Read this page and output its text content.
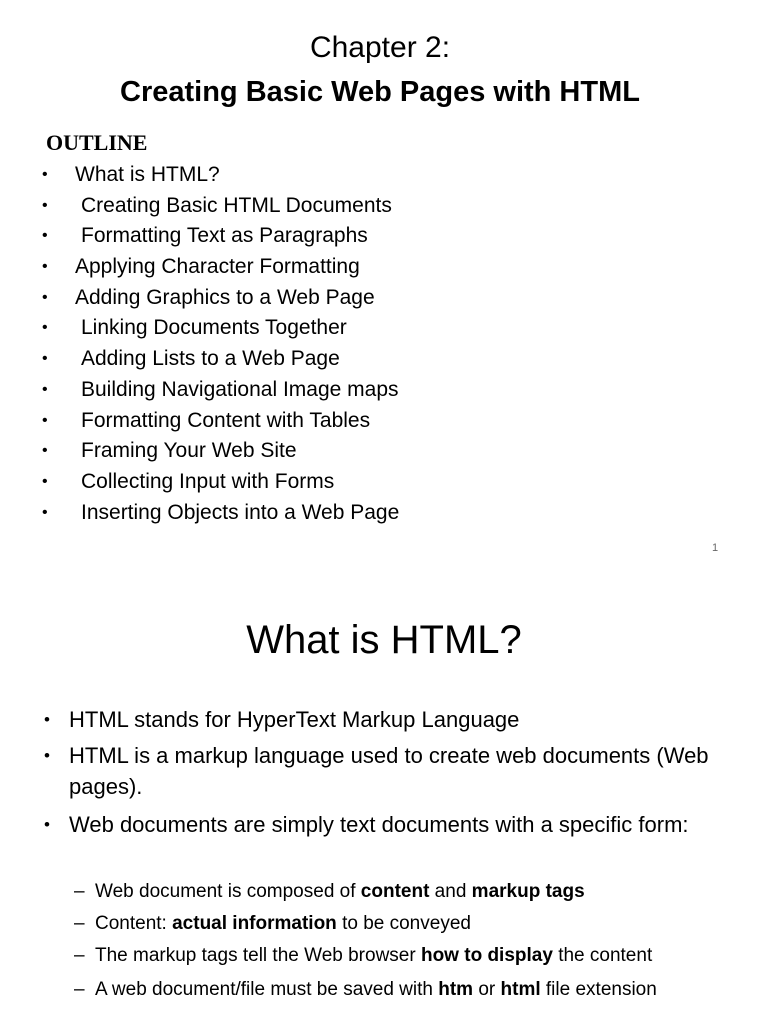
Chapter 2:
Creating Basic Web Pages with HTML
OUTLINE
• What is HTML?
• Creating Basic HTML Documents
• Formatting Text as Paragraphs
• Applying Character Formatting
• Adding Graphics to a Web Page
• Linking Documents Together
• Adding Lists to a Web Page
• Building Navigational Image maps
• Formatting Content with Tables
• Framing Your Web Site
• Collecting Input with Forms
• Inserting Objects into a Web Page
1
What is HTML?
• HTML stands for HyperText Markup Language
• HTML is a markup language used to create web documents (Web pages).
• Web documents are simply text documents with a specific form:
– Web document is composed of content and markup tags
– Content: actual information to be conveyed
– The markup tags tell the Web browser how to display the content
– A web document/file must be saved with htm or html file extension
